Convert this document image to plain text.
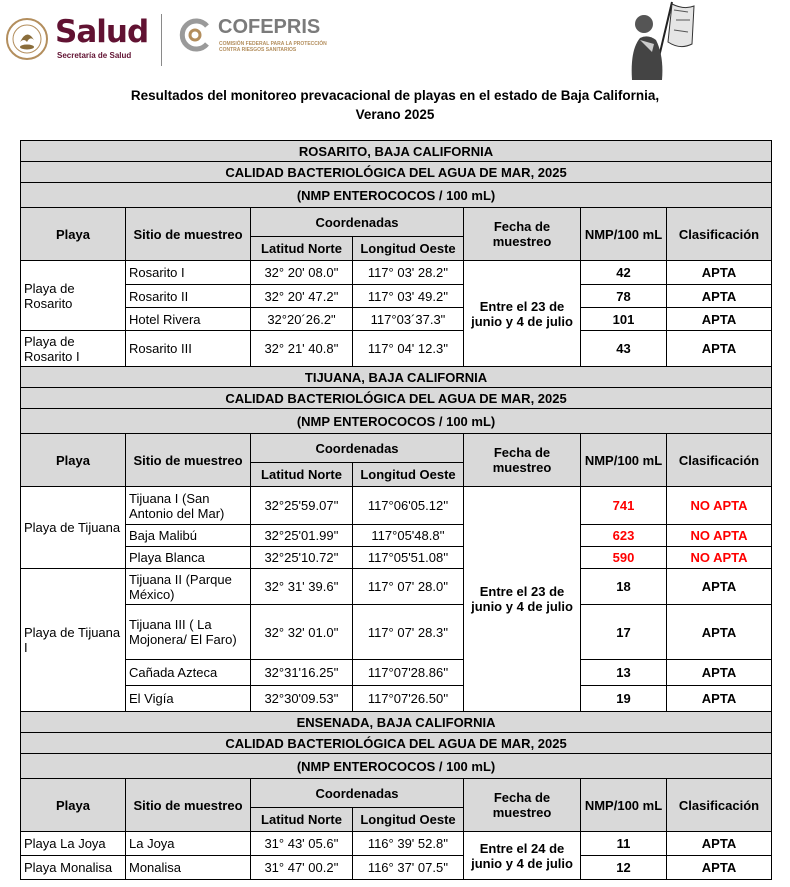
Salud
Secretaría de Salud
COFEPRIS
COMISIÓN FEDERAL PARA LA PROTECCIÓN
CONTRA RIESGOS SANITARIOS
Resultados del monitoreo prevacacional de playas en el estado de Baja California,
Verano 2025
ROSARITO, BAJA CALIFORNIA						
CALIDAD BACTERIOLÓGICA DEL AGUA DE MAR, 2025						
(NMP ENTEROCOCOS / 100 mL)						
Playa	Sitio de muestreo	Coordenadas		Fecha de muestreo	NMP/100 mL	Clasificación
		Latitud Norte	Longitud Oeste			
Playa de Rosarito	Rosarito I	32° 20' 08.0''	117° 03' 28.2''	Entre el 23 de junio y 4 de julio	42	APTA
	Rosarito II	32° 20' 47.2''	117° 03' 49.2''		78	APTA
	Hotel Rivera	32°20´26.2"	117°03´37.3"		101	APTA
Playa de Rosarito I	Rosarito III	32° 21' 40.8''	117° 04' 12.3''		43	APTA
TIJUANA, BAJA CALIFORNIA						
CALIDAD BACTERIOLÓGICA DEL AGUA DE MAR, 2025						
(NMP ENTEROCOCOS / 100 mL)						
Playa	Sitio de muestreo	Coordenadas		Fecha de muestreo	NMP/100 mL	Clasificación
		Latitud Norte	Longitud Oeste			
Playa de Tijuana	Tijuana I (San Antonio del Mar)	32°25'59.07''	117°06'05.12''	Entre el 23 de junio y 4 de julio	741	NO APTA
	Baja Malibú	32°25'01.99''	117°05'48.8''		623	NO APTA
	Playa Blanca	32°25'10.72''	117°05'51.08''		590	NO APTA
Playa de Tijuana I	Tijuana II (Parque México)	32° 31' 39.6''	117° 07' 28.0''		18	APTA
	Tijuana III ( La Mojonera/ El Faro)	32° 32' 01.0''	117° 07' 28.3''		17	APTA
	Cañada Azteca	32°31'16.25''	117°07'28.86''		13	APTA
	El Vigía	32°30'09.53''	117°07'26.50''		19	APTA
ENSENADA, BAJA CALIFORNIA						
CALIDAD BACTERIOLÓGICA DEL AGUA DE MAR, 2025						
(NMP ENTEROCOCOS / 100 mL)						
Playa	Sitio de muestreo	Coordenadas		Fecha de muestreo	NMP/100 mL	Clasificación
		Latitud Norte	Longitud Oeste			
Playa La Joya	La Joya	31° 43' 05.6''	116° 39' 52.8''	Entre el 24 de junio y 4 de julio	11	APTA
Playa Monalisa	Monalisa	31° 47' 00.2''	116° 37' 07.5''		12	APTA
